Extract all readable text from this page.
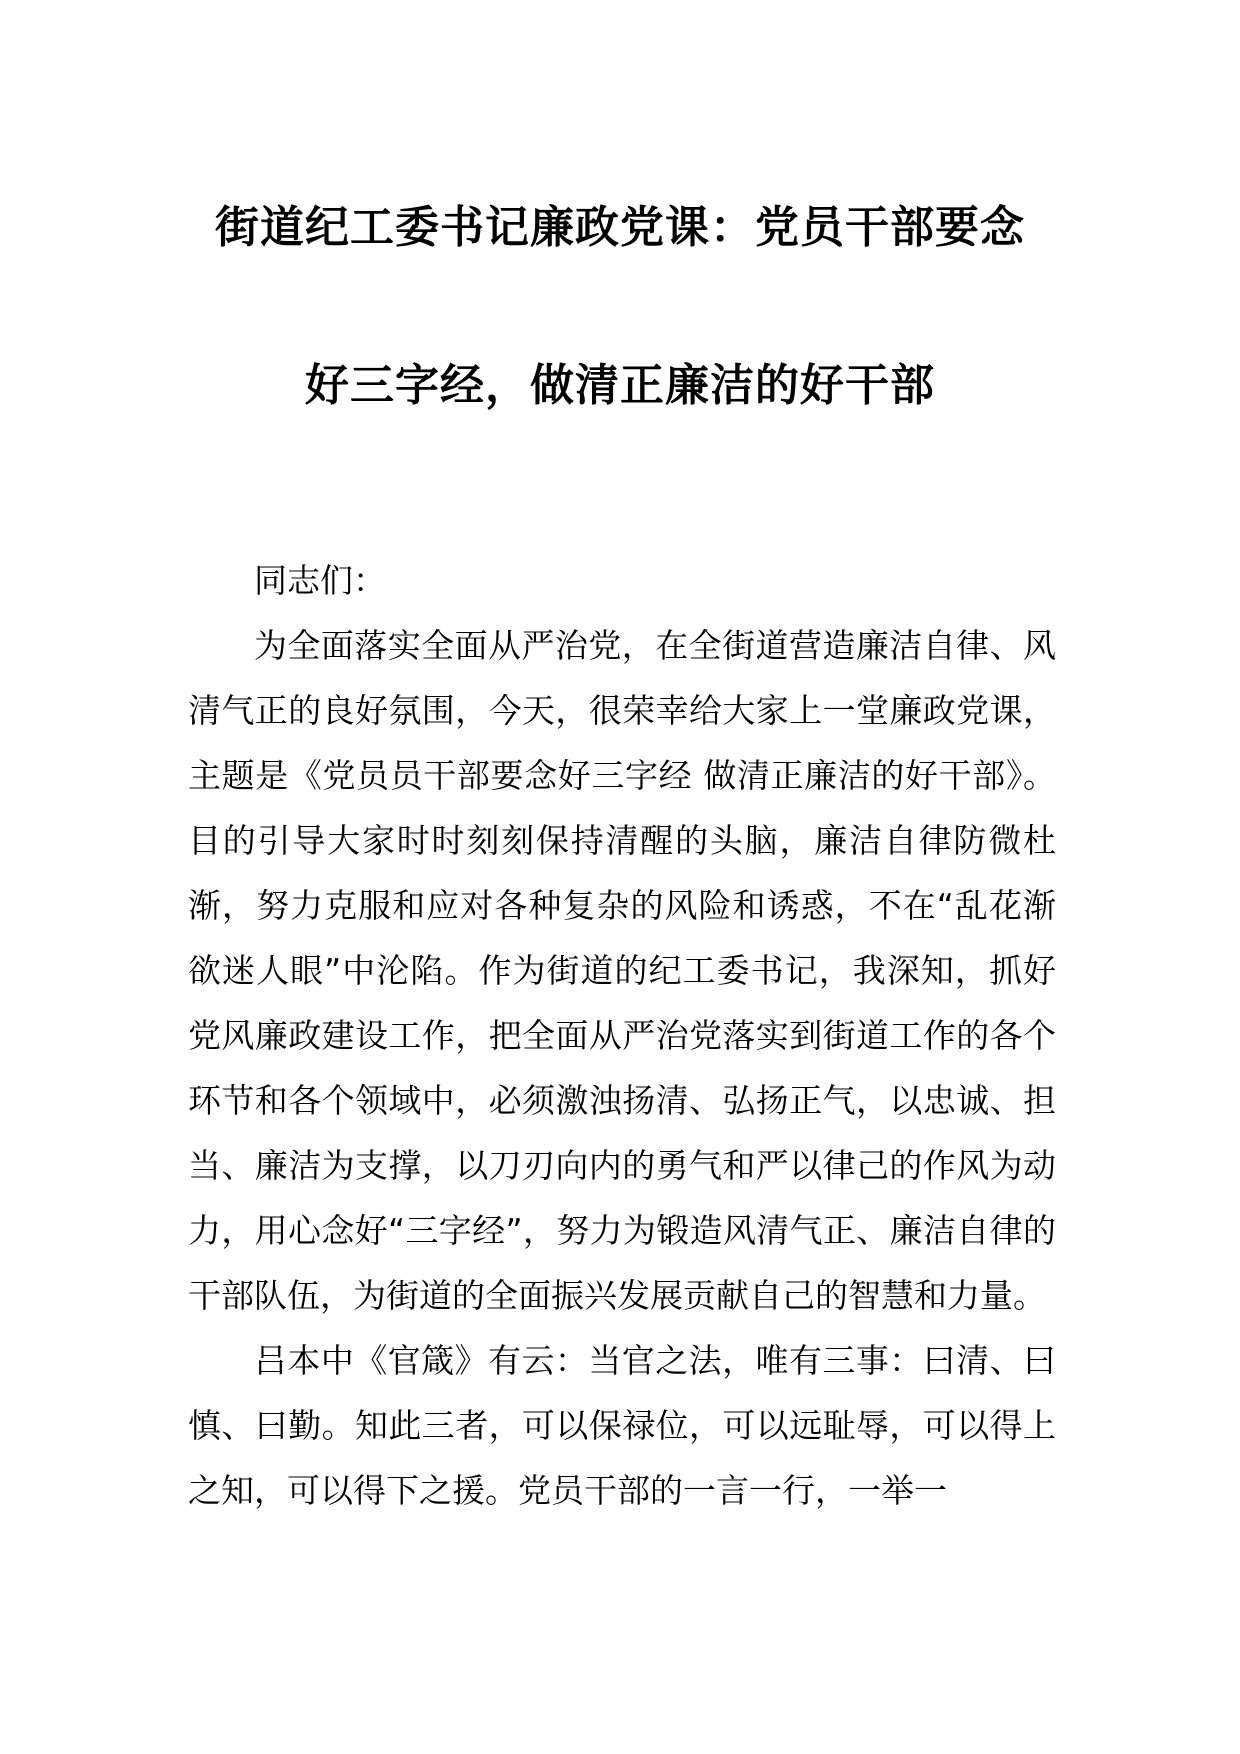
街道纪工委书记廉政党课：党员干部要念
好三字经，做清正廉洁的好干部

同志们：

为全面落实全面从严治党，在全街道营造廉洁自律、风清气正的良好氛围，今天，很荣幸给大家上一堂廉政党课，主题是《党员员干部要念好三字经 做清正廉洁的好干部》。目的引导大家时时刻刻保持清醒的头脑，廉洁自律防微杜渐，努力克服和应对各种复杂的风险和诱惑，不在“乱花渐欲迷人眼”中沦陷。作为街道的纪工委书记，我深知，抓好党风廉政建设工作，把全面从严治党落实到街道工作的各个环节和各个领域中，必须激浊扬清、弘扬正气，以忠诚、担当、廉洁为支撑，以刀刃向内的勇气和严以律己的作风为动力，用心念好“三字经”，努力为锻造风清气正、廉洁自律的干部队伍，为街道的全面振兴发展贡献自己的智慧和力量。

吕本中《官箴》有云：当官之法，唯有三事：曰清、曰慎、曰勤。知此三者，可以保禄位，可以远耻辱，可以得上之知，可以得下之援。党员干部的一言一行，一举一
